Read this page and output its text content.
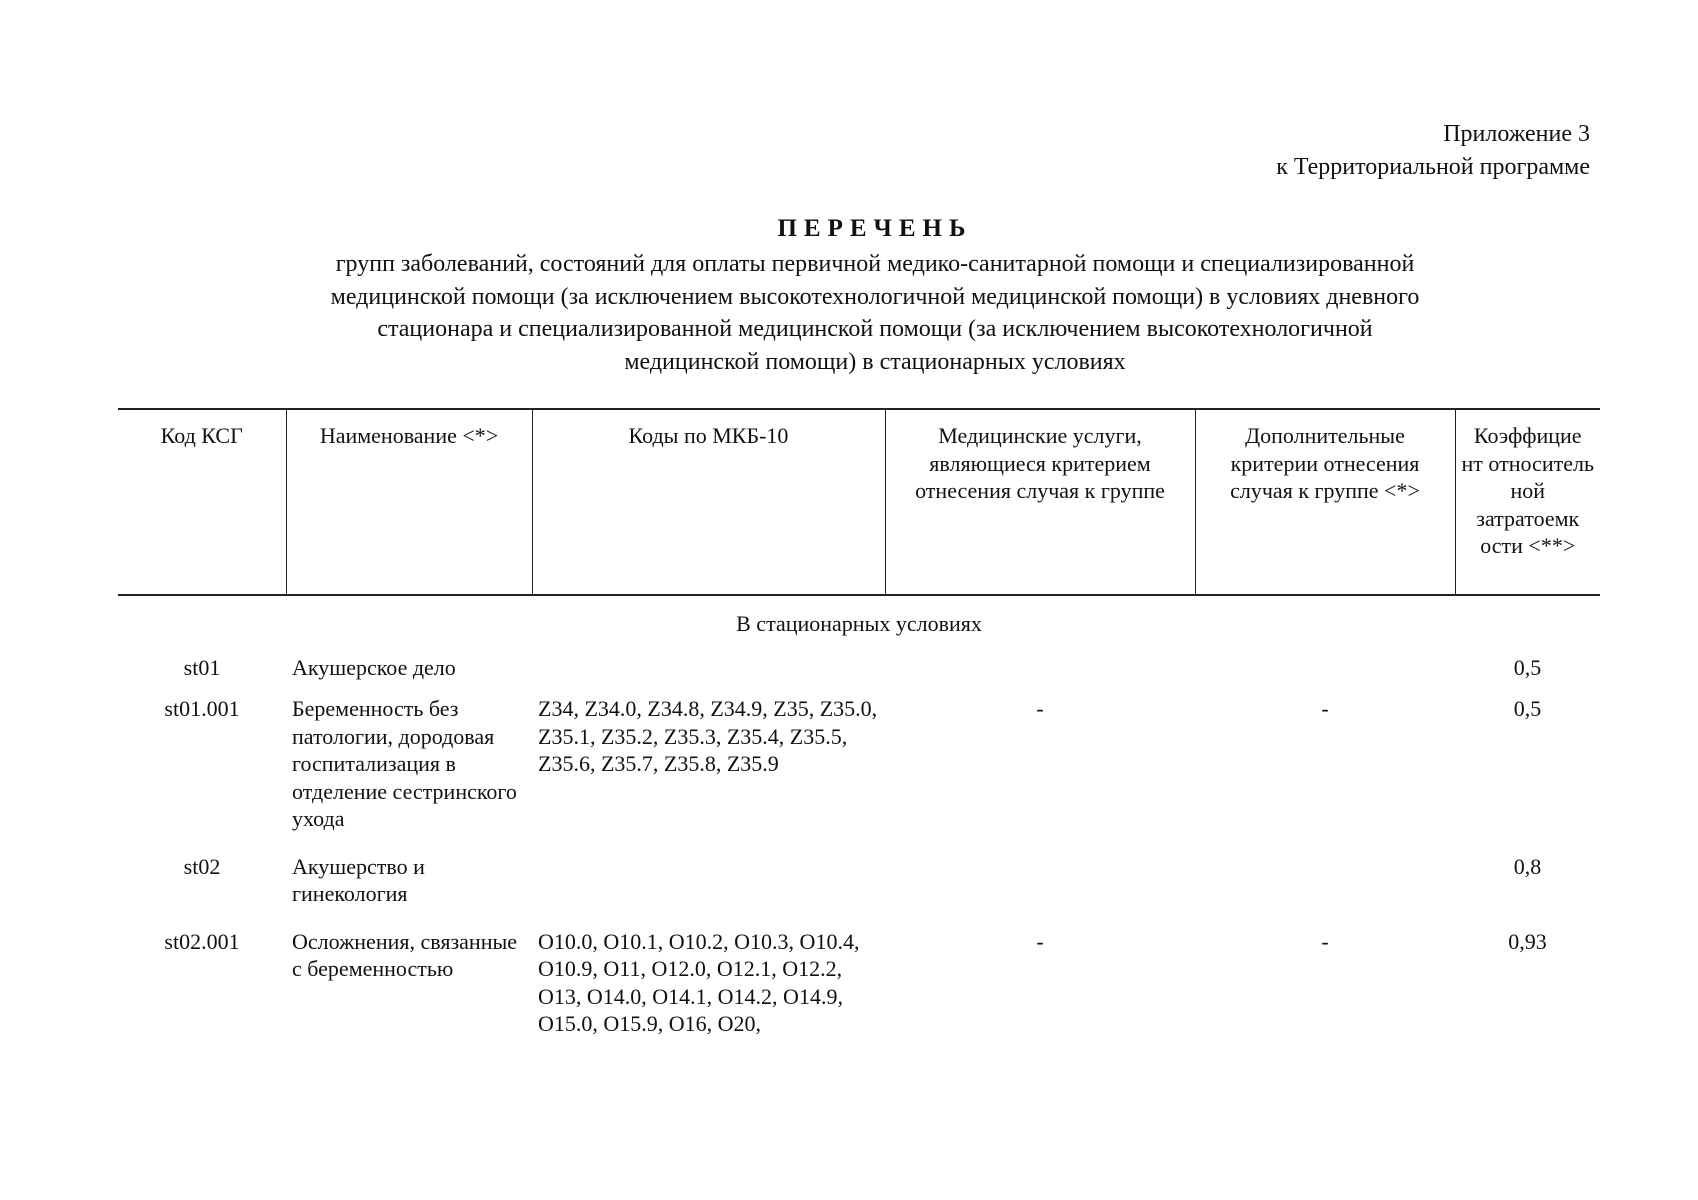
Приложение 3
к Территориальной программе
ПЕРЕЧЕНЬ
групп заболеваний, состояний для оплаты первичной медико-санитарной помощи и специализированной
медицинской помощи (за исключением высокотехнологичной медицинской помощи) в условиях дневного
стационара и специализированной медицинской помощи (за исключением высокотехнологичной
медицинской помощи) в стационарных условиях
Код КСГ	Наименование <*>	Коды по МКБ-10	Медицинские услуги, являющиеся критерием отнесения случая к группе	Дополнительные критерии отнесения случая к группе <*>	Коэффицие нт относитель ной затратоемк ости <**>
В стационарных условиях					
st01	Акушерское дело				0,5
st01.001	Беременность без патологии, дородовая госпитализация в отделение сестринского ухода	Z34, Z34.0, Z34.8, Z34.9, Z35, Z35.0, Z35.1, Z35.2, Z35.3, Z35.4, Z35.5, Z35.6, Z35.7, Z35.8, Z35.9	-	-	0,5
st02	Акушерство и гинекология				0,8
st02.001	Осложнения, связанные с беременностью	O10.0, O10.1, O10.2, O10.3, O10.4, O10.9, O11, O12.0, O12.1, O12.2, O13, O14.0, O14.1, O14.2, O14.9, O15.0, O15.9, O16, O20,	-	-	0,93
